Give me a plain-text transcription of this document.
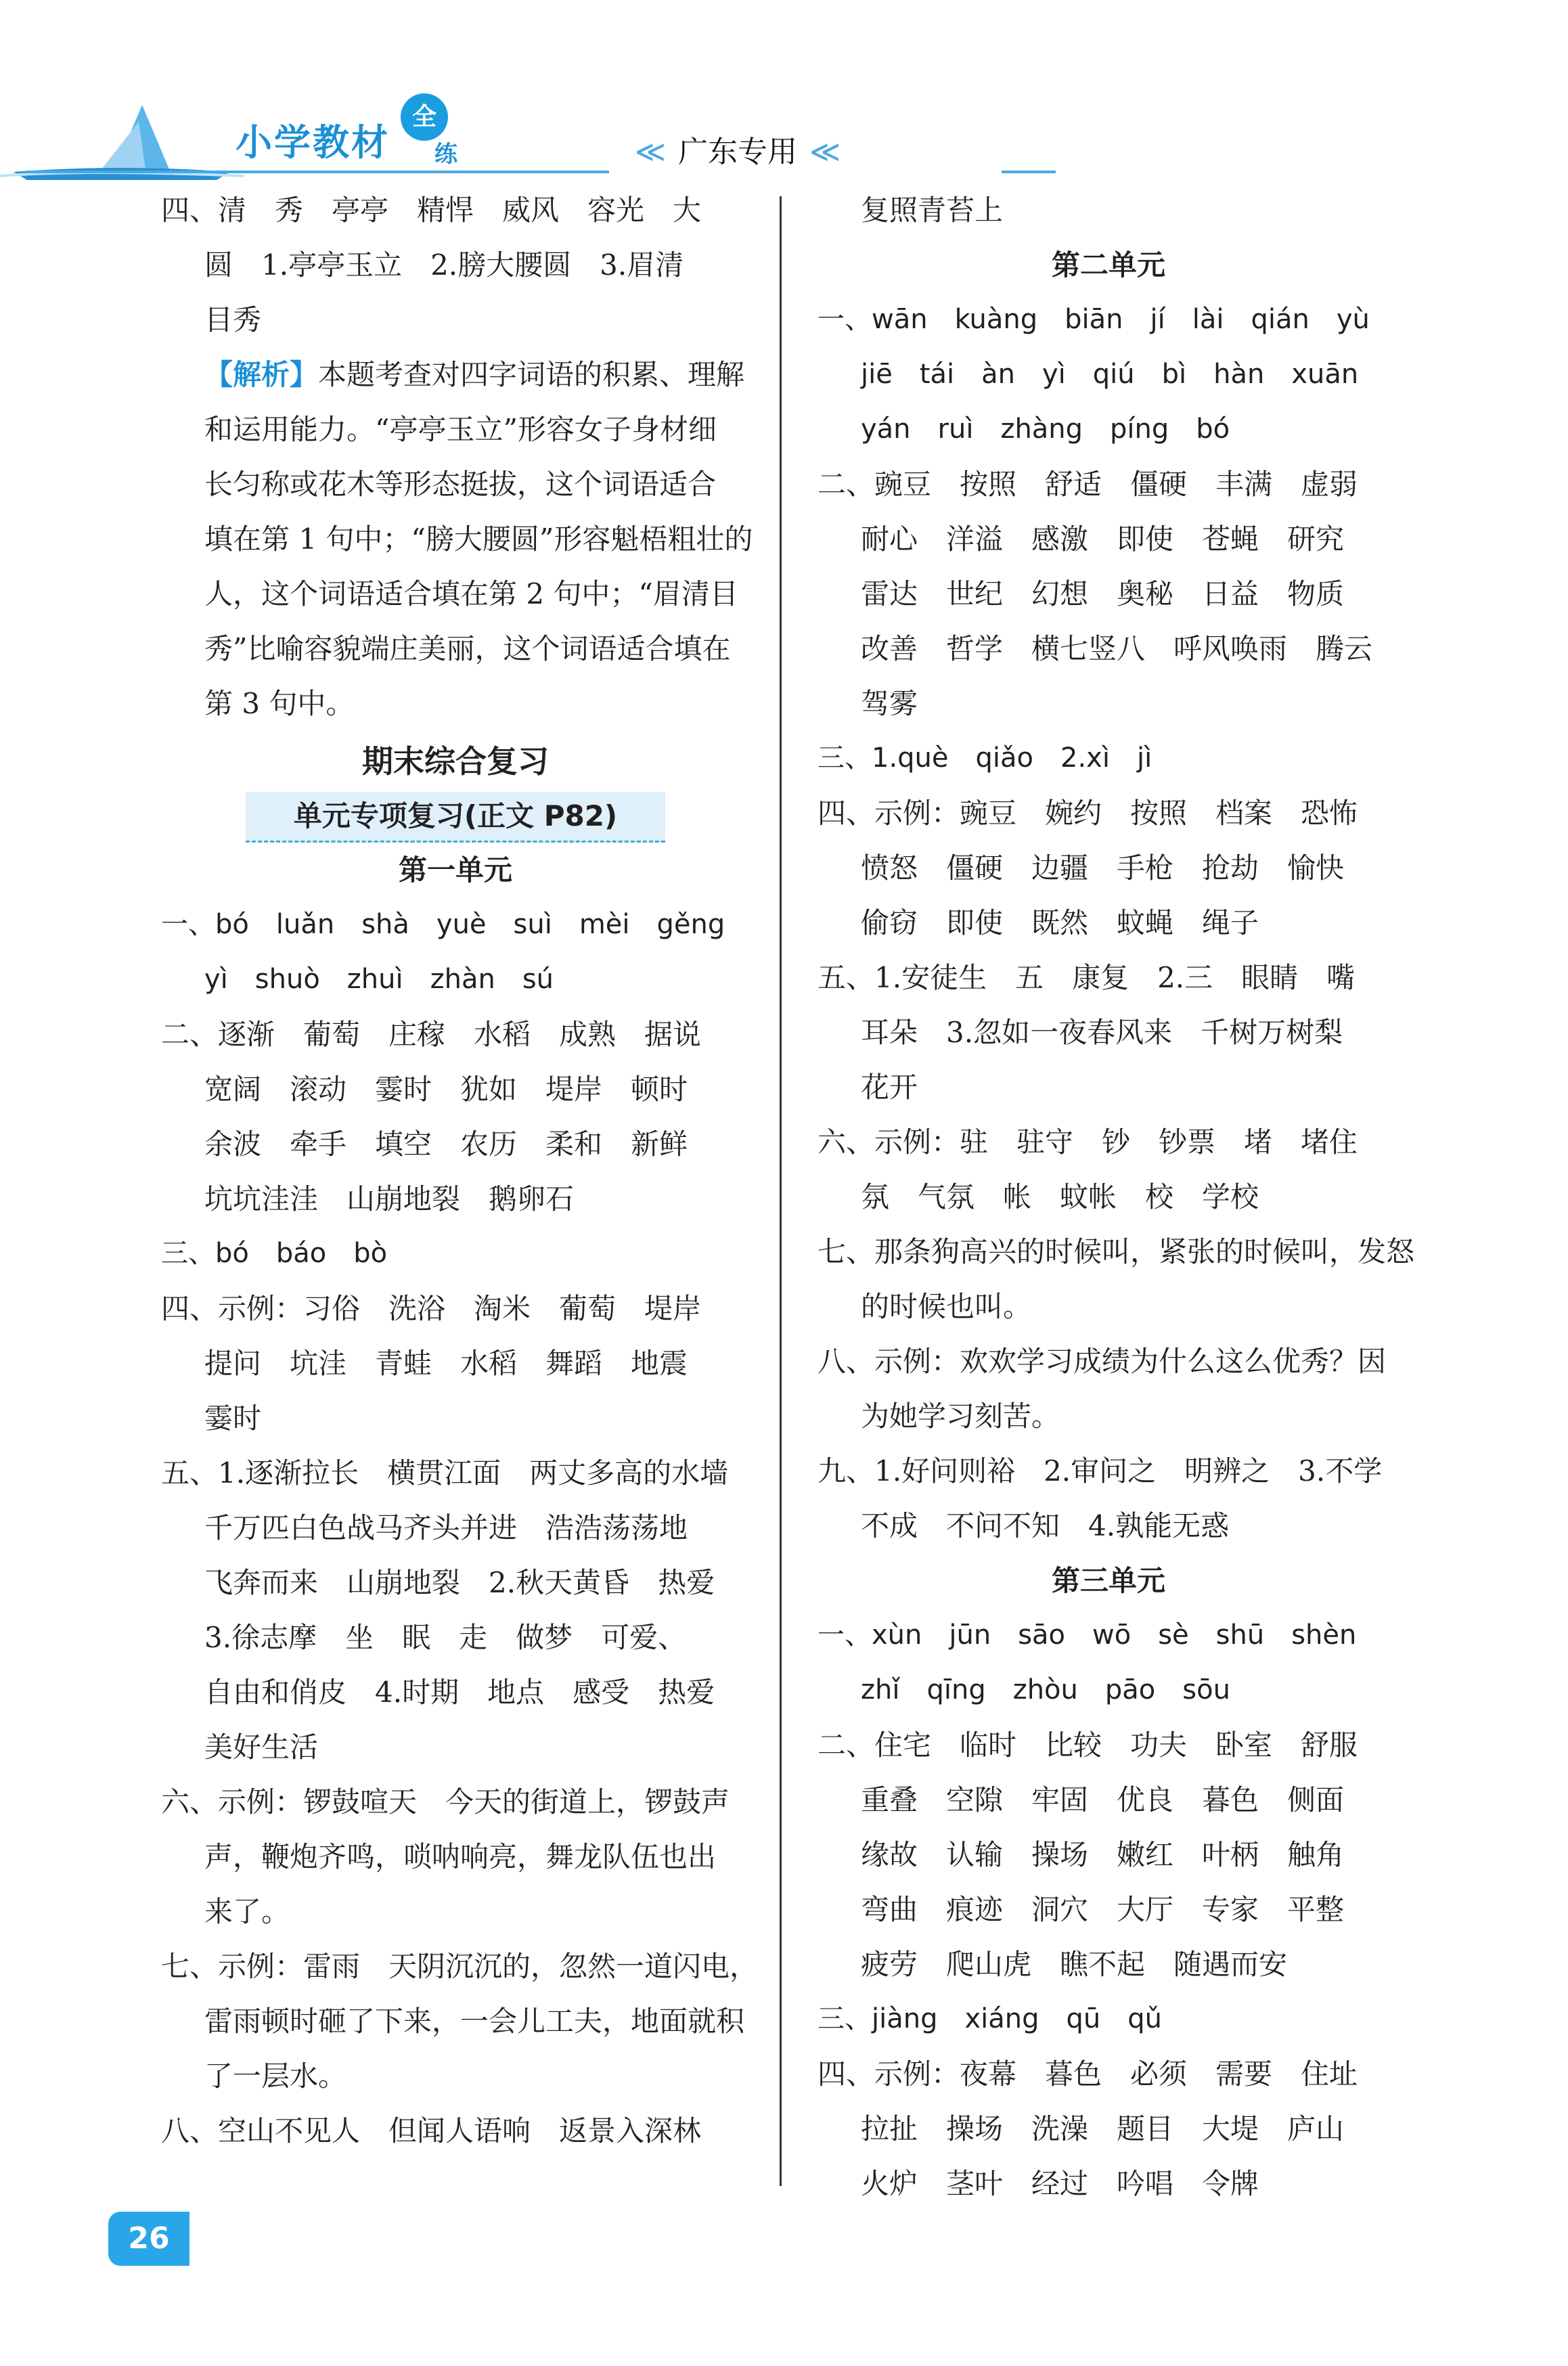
小学教材
全
练	≪ 广东专用 ≪
四、清　秀　亭亭　精悍　威风　容光　大
圆　1.亭亭玉立　2.膀大腰圆　3.眉清
目秀
【解析】本题考查对四字词语的积累、理解
和运用能力。“亭亭玉立”形容女子身材细
长匀称或花木等形态挺拔，这个词语适合
填在第 1 句中；“膀大腰圆”形容魁梧粗壮的
人，这个词语适合填在第 2 句中；“眉清目
秀”比喻容貌端庄美丽，这个词语适合填在
第 3 句中。
期末综合复习
单元专项复习(正文 P82)
第一单元
一、bó　luǎn　shà　yuè　suì　mèi　gěng
yì　shuò　zhuì　zhàn　sú
二、逐渐　葡萄　庄稼　水稻　成熟　据说
宽阔　滚动　霎时　犹如　堤岸　顿时
余波　牵手　填空　农历　柔和　新鲜
坑坑洼洼　山崩地裂　鹅卵石
三、bó　báo　bò
四、示例：习俗　洗浴　淘米　葡萄　堤岸
提问　坑洼　青蛙　水稻　舞蹈　地震
霎时
五、1.逐渐拉长　横贯江面　两丈多高的水墙
千万匹白色战马齐头并进　浩浩荡荡地
飞奔而来　山崩地裂　2.秋天黄昏　热爱
3.徐志摩　坐　眠　走　做梦　可爱、
自由和俏皮　4.时期　地点　感受　热爱
美好生活
六、示例：锣鼓喧天　今天的街道上，锣鼓声
声，鞭炮齐鸣，唢呐响亮，舞龙队伍也出
来了。
七、示例：雷雨　天阴沉沉的，忽然一道闪电，
雷雨顿时砸了下来，一会儿工夫，地面就积
了一层水。
八、空山不见人　但闻人语响　返景入深林
复照青苔上
第二单元
一、wān　kuàng　biān　jí　lài　qián　yù
jiē　tái　àn　yì　qiú　bì　hàn　xuān
yán　ruì　zhàng　píng　bó
二、豌豆　按照　舒适　僵硬　丰满　虚弱
耐心　洋溢　感激　即使　苍蝇　研究
雷达　世纪　幻想　奥秘　日益　物质
改善　哲学　横七竖八　呼风唤雨　腾云
驾雾
三、1.què　qiǎo　2.xì　jì
四、示例：豌豆　婉约　按照　档案　恐怖
愤怒　僵硬　边疆　手枪　抢劫　愉快
偷窃　即使　既然　蚊蝇　绳子
五、1.安徒生　五　康复　2.三　眼睛　嘴
耳朵　3.忽如一夜春风来　千树万树梨
花开
六、示例：驻　驻守　钞　钞票　堵　堵住
氛　气氛　帐　蚊帐　校　学校
七、那条狗高兴的时候叫，紧张的时候叫，发怒
的时候也叫。
八、示例：欢欢学习成绩为什么这么优秀？因
为她学习刻苦。
九、1.好问则裕　2.审问之　明辨之　3.不学
不成　不问不知　4.孰能无惑
第三单元
一、xùn　jūn　sāo　wō　sè　shū　shèn
zhǐ　qīng　zhòu　pāo　sōu
二、住宅　临时　比较　功夫　卧室　舒服
重叠　空隙　牢固　优良　暮色　侧面
缘故　认输　操场　嫩红　叶柄　触角
弯曲　痕迹　洞穴　大厅　专家　平整
疲劳　爬山虎　瞧不起　随遇而安
三、jiàng　xiáng　qū　qǔ
四、示例：夜幕　暮色　必须　需要　住址
拉扯　操场　洗澡　题目　大堤　庐山
火炉　茎叶　经过　吟唱　令牌
26
